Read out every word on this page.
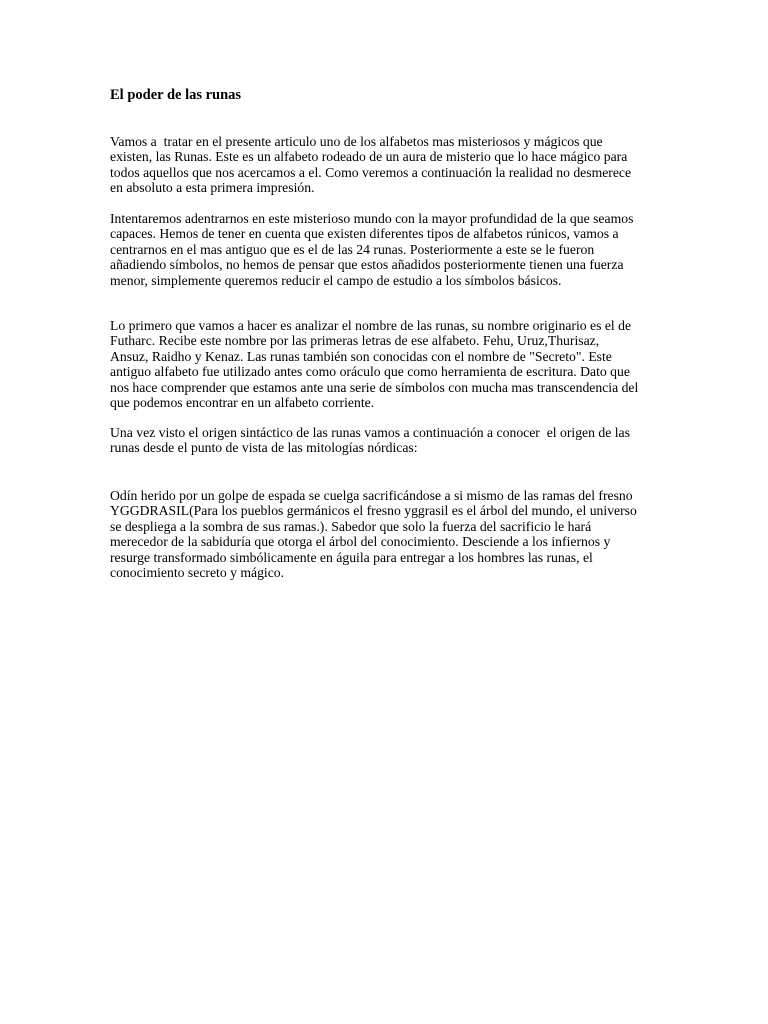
El poder de las runas

Vamos a  tratar en el presente articulo uno de los alfabetos mas misteriosos y mágicos que
existen, las Runas. Este es un alfabeto rodeado de un aura de misterio que lo hace mágico para
todos aquellos que nos acercamos a el. Como veremos a continuación la realidad no desmerece
en absoluto a esta primera impresión.

Intentaremos adentrarnos en este misterioso mundo con la mayor profundidad de la que seamos
capaces. Hemos de tener en cuenta que existen diferentes tipos de alfabetos rúnicos, vamos a
centrarnos en el mas antiguo que es el de las 24 runas. Posteriormente a este se le fueron
añadiendo símbolos, no hemos de pensar que estos añadidos posteriormente tienen una fuerza
menor, simplemente queremos reducir el campo de estudio a los símbolos básicos.

Lo primero que vamos a hacer es analizar el nombre de las runas, su nombre originario es el de
Futharc. Recibe este nombre por las primeras letras de ese alfabeto. Fehu, Uruz,Thurisaz,
Ansuz, Raidho y Kenaz. Las runas también son conocidas con el nombre de "Secreto". Este
antiguo alfabeto fue utilizado antes como oráculo que como herramienta de escritura. Dato que
nos hace comprender que estamos ante una serie de símbolos con mucha mas transcendencia del
que podemos encontrar en un alfabeto corriente.

Una vez visto el origen sintáctico de las runas vamos a continuación a conocer  el origen de las
runas desde el punto de vista de las mitologías nórdicas:

Odín herido por un golpe de espada se cuelga sacrificándose a si mismo de las ramas del fresno
YGGDRASIL(Para los pueblos germánicos el fresno yggrasil es el árbol del mundo, el universo
se despliega a la sombra de sus ramas.). Sabedor que solo la fuerza del sacrificio le hará
merecedor de la sabiduría que otorga el árbol del conocimiento. Desciende a los infiernos y
resurge transformado simbólicamente en águila para entregar a los hombres las runas, el
conocimiento secreto y mágico.
